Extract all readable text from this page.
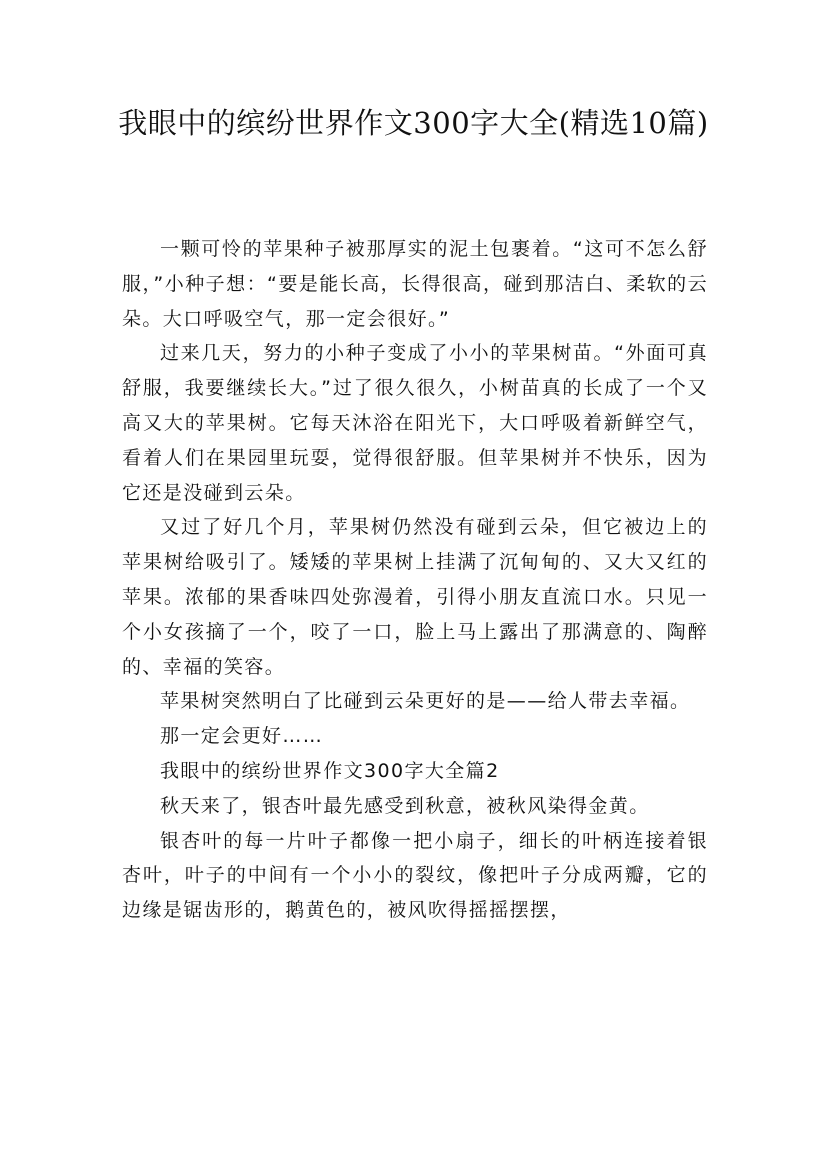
我眼中的缤纷世界作文300字大全(精选10篇)

一颗可怜的苹果种子被那厚实的泥土包裹着。“这可不怎么舒服，”小种子想：“要是能长高，长得很高，碰到那洁白、柔软的云朵。大口呼吸空气，那一定会很好。”

过来几天，努力的小种子变成了小小的苹果树苗。“外面可真舒服，我要继续长大。”过了很久很久，小树苗真的长成了一个又高又大的苹果树。它每天沐浴在阳光下，大口呼吸着新鲜空气，看着人们在果园里玩耍，觉得很舒服。但苹果树并不快乐，因为它还是没碰到云朵。

又过了好几个月，苹果树仍然没有碰到云朵，但它被边上的苹果树给吸引了。矮矮的苹果树上挂满了沉甸甸的、又大又红的苹果。浓郁的果香味四处弥漫着，引得小朋友直流口水。只见一个小女孩摘了一个，咬了一口，脸上马上露出了那满意的、陶醉的、幸福的笑容。

苹果树突然明白了比碰到云朵更好的是——给人带去幸福。

那一定会更好……

我眼中的缤纷世界作文300字大全篇2

秋天来了，银杏叶最先感受到秋意，被秋风染得金黄。

银杏叶的每一片叶子都像一把小扇子，细长的叶柄连接着银杏叶，叶子的中间有一个小小的裂纹，像把叶子分成两瓣，它的边缘是锯齿形的，鹅黄色的，被风吹得摇摇摆摆，
